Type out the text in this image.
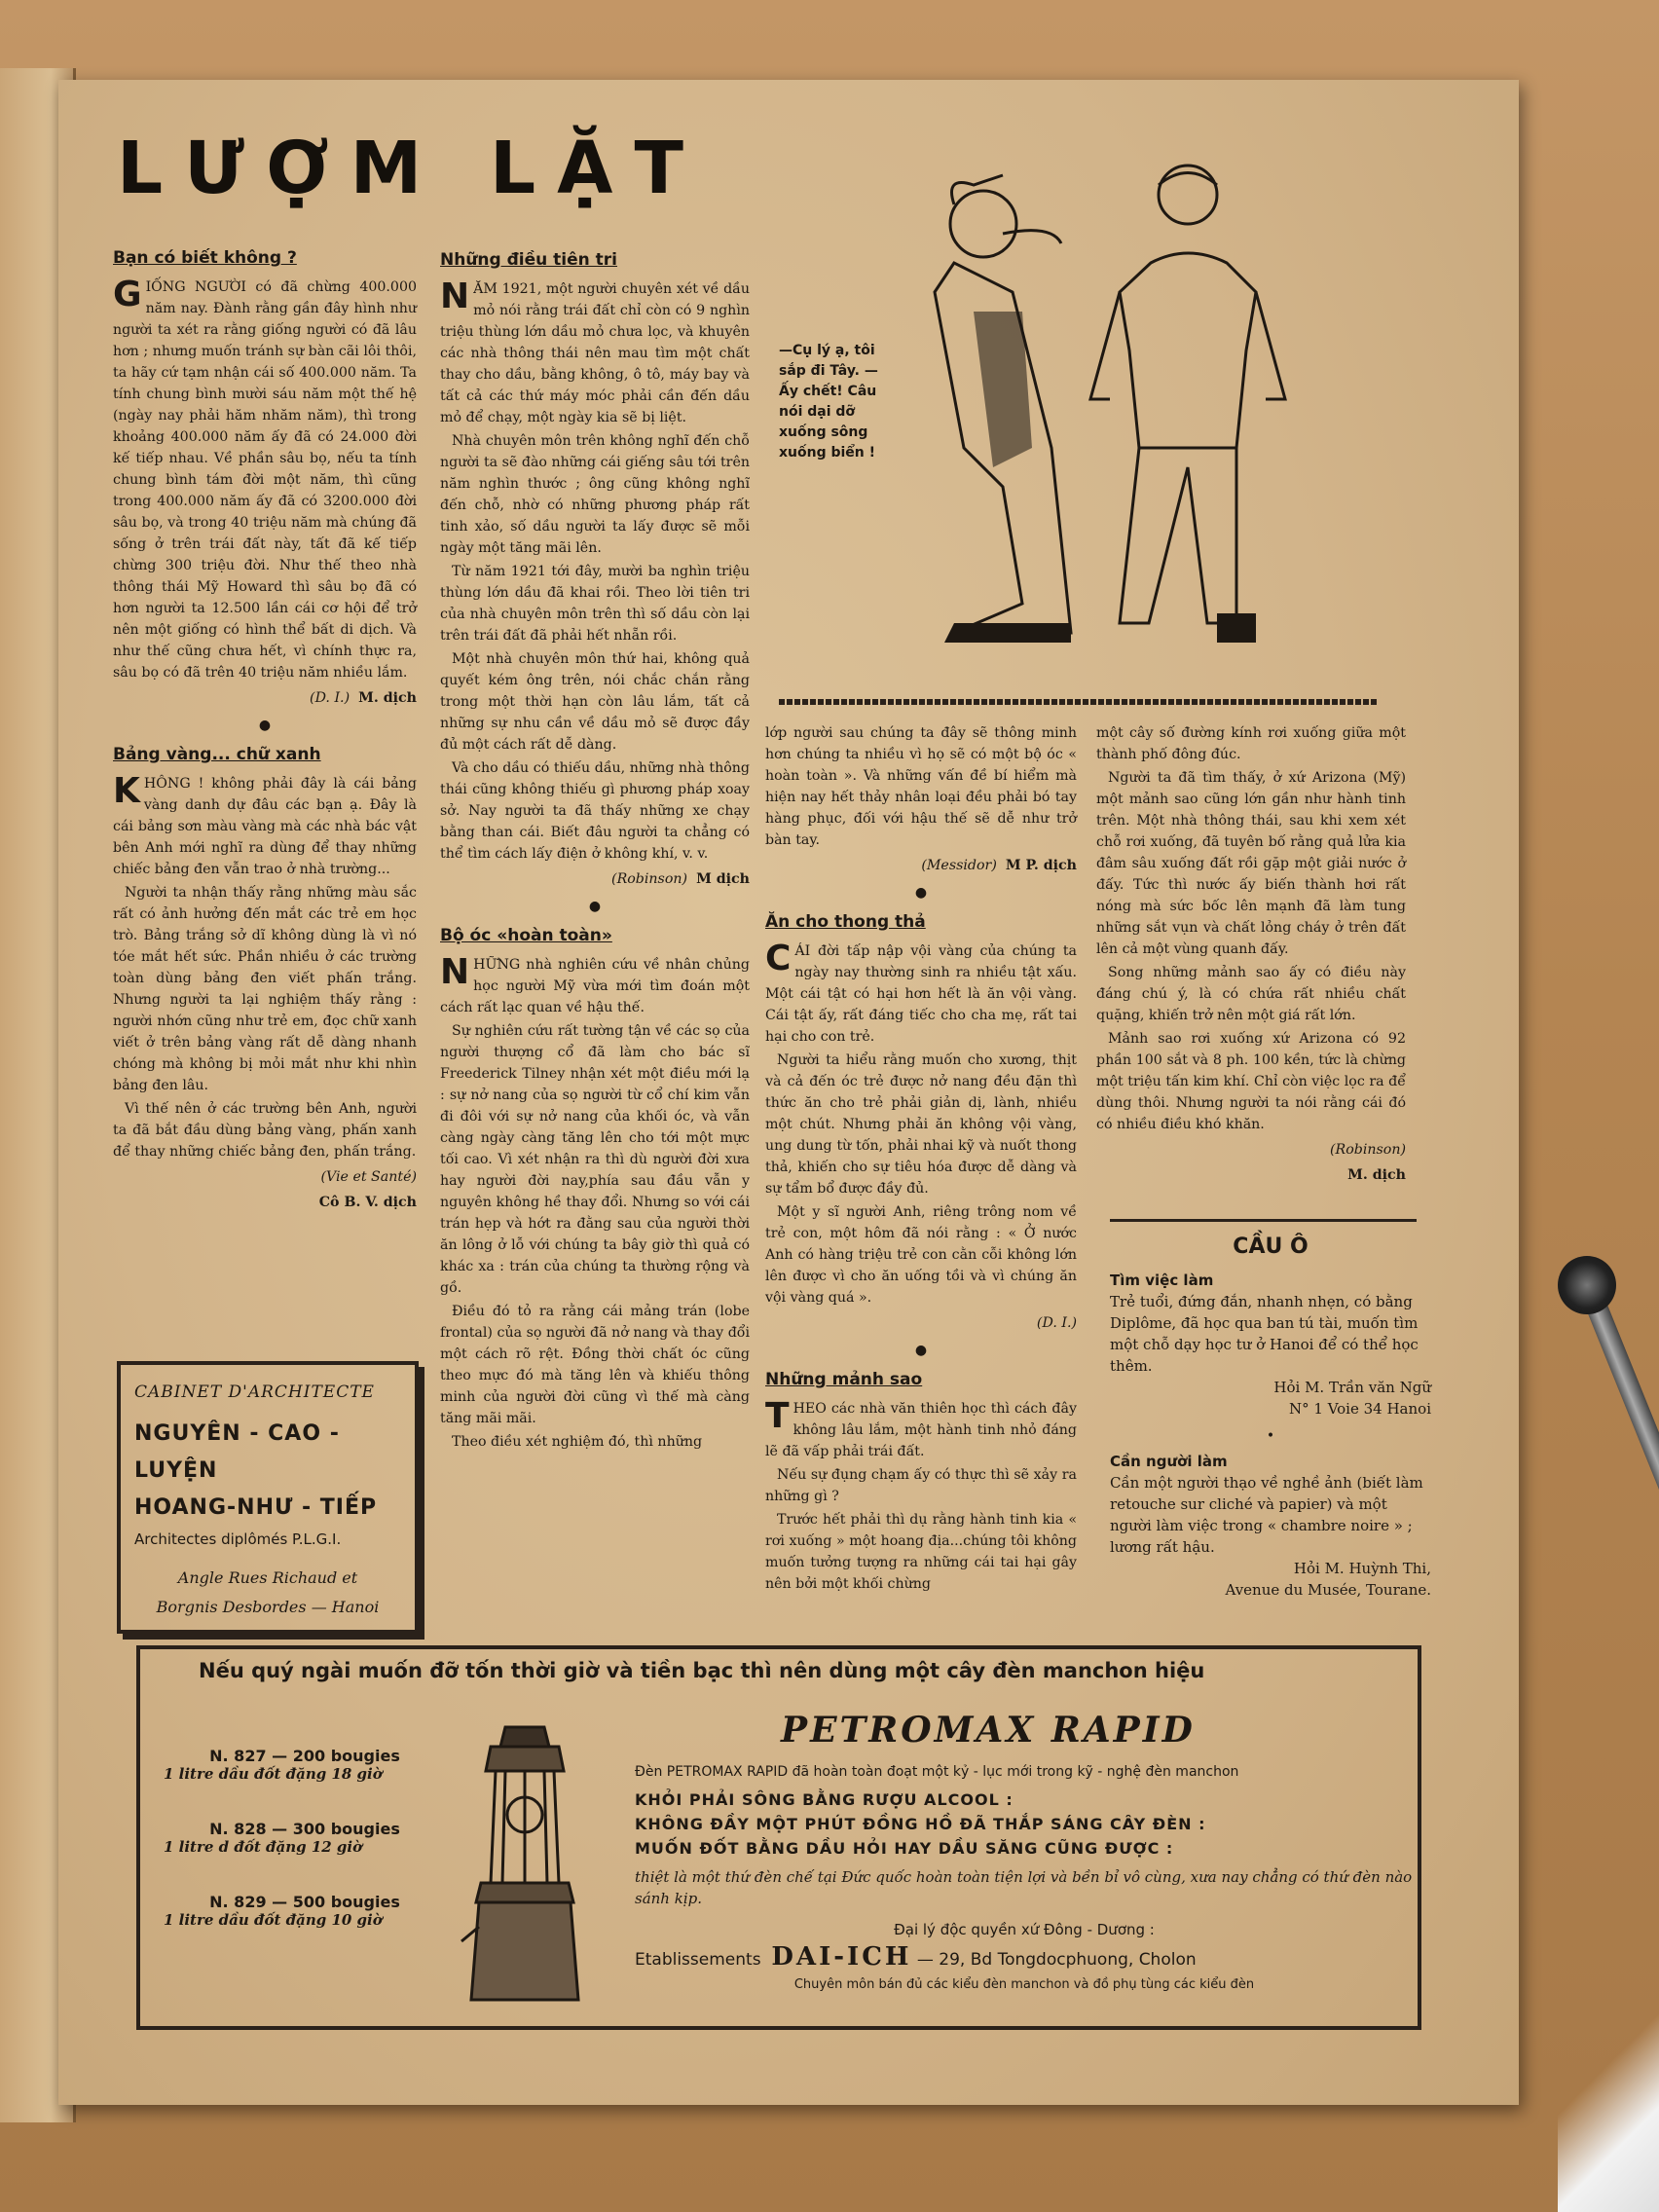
LƯỢM LẶT
Bạn có biết không ?

GIỐNG NGƯỜI có đã chừng 400.000 năm nay. Đành rằng gần đây hình như người ta xét ra rằng giống người có đã lâu hơn ; nhưng muốn tránh sự bàn cãi lôi thôi, ta hãy cứ tạm nhận cái số 400.000 năm. Ta tính chung bình mười sáu năm một thế hệ (ngày nay phải hăm nhăm năm), thì trong khoảng 400.000 năm ấy đã có 24.000 đời kế tiếp nhau. Về phần sâu bọ, nếu ta tính chung bình tám đời một năm, thì cũng trong 400.000 năm ấy đã có 3200.000 đời sâu bọ, và trong 40 triệu năm mà chúng đã sống ở trên trái đất này, tất đã kế tiếp chừng 300 triệu đời. Như thế theo nhà thông thái Mỹ Howard thì sâu bọ đã có hơn người ta 12.500 lần cái cơ hội để trở nên một giống có hình thể bất di dịch. Và như thế cũng chưa hết, vì chính thực ra, sâu bọ có đã trên 40 triệu năm nhiều lắm.

(D. I.) M. dịch
●
Bảng vàng... chữ xanh

KHÔNG ! không phải đây là cái bảng vàng danh dự đâu các bạn ạ. Đây là cái bảng sơn màu vàng mà các nhà bác vật bên Anh mới nghĩ ra dùng để thay những chiếc bảng đen vẫn trao ở nhà trường...

Người ta nhận thấy rằng những màu sắc rất có ảnh hưởng đến mắt các trẻ em học trò. Bảng trắng sở dĩ không dùng là vì nó tóe mắt hết sức. Phần nhiều ở các trường toàn dùng bảng đen viết phấn trắng. Nhưng người ta lại nghiệm thấy rằng : người nhớn cũng như trẻ em, đọc chữ xanh viết ở trên bảng vàng rất dễ dàng nhanh chóng mà không bị mỏi mắt như khi nhìn bảng đen lâu.

Vì thế nên ở các trường bên Anh, người ta đã bắt đầu dùng bảng vàng, phấn xanh để thay những chiếc bảng đen, phấn trắng.

(Vie et Santé)
Cô B. V. dịch
CABINET D'ARCHITECTE
NGUYÊN - CAO - LUYỆN
HOANG-NHƯ - TIẾP
Architectes diplômés P.L.G.I.
Angle Rues Richaud et
Borgnis Desbordes — Hanoi
Những điều tiên tri

NĂM 1921, một người chuyên xét về dầu mỏ nói rằng trái đất chỉ còn có 9 nghìn triệu thùng lớn dầu mỏ chưa lọc, và khuyên các nhà thông thái nên mau tìm một chất thay cho dầu, bằng không, ô tô, máy bay và tất cả các thứ máy móc phải cần đến dầu mỏ để chạy, một ngày kia sẽ bị liệt.

Nhà chuyên môn trên không nghĩ đến chỗ người ta sẽ đào những cái giếng sâu tới trên năm nghìn thước ; ông cũng không nghĩ đến chỗ, nhờ có những phương pháp rất tinh xảo, số dầu người ta lấy được sẽ mỗi ngày một tăng mãi lên.

Từ năm 1921 tới đây, mười ba nghìn triệu thùng lớn dầu đã khai rồi. Theo lời tiên tri của nhà chuyên môn trên thì số dầu còn lại trên trái đất đã phải hết nhẵn rồi.

Một nhà chuyên môn thứ hai, không quả quyết kém ông trên, nói chắc chắn rằng trong một thời hạn còn lâu lắm, tất cả những sự nhu cần về dầu mỏ sẽ được đầy đủ một cách rất dễ dàng.

Và cho dầu có thiếu dầu, những nhà thông thái cũng không thiếu gì phương pháp xoay sở. Nay người ta đã thấy những xe chạy bằng than cái. Biết đâu người ta chẳng có thể tìm cách lấy điện ở không khí, v. v.

(Robinson) M dịch
●
Bộ óc «hoàn toàn»

NHỮNG nhà nghiên cứu về nhân chủng học người Mỹ vừa mới tìm đoán một cách rất lạc quan về hậu thế.

Sự nghiên cứu rất tường tận về các sọ của người thượng cổ đã làm cho bác sĩ Freederick Tilney nhận xét một điều mới lạ : sự nở nang của sọ người từ cổ chí kim vẫn đi đôi với sự nở nang của khối óc, và vẫn càng ngày càng tăng lên cho tới một mực tối cao. Vì xét nhận ra thì dù người đời xưa hay người đời nay,phía sau đầu vẫn y nguyên không hề thay đổi. Nhưng so với cái trán hẹp và hớt ra đằng sau của người thời ăn lông ở lỗ với chúng ta bây giờ thì quả có khác xa : trán của chúng ta thường rộng và gồ.

Điều đó tỏ ra rằng cái mảng trán (lobe frontal) của sọ người đã nở nang và thay đổi một cách rõ rệt. Đồng thời chất óc cũng theo mực đó mà tăng lên và khiếu thông minh của người đời cũng vì thế mà càng tăng mãi mãi.

Theo điều xét nghiệm đó, thì những

—Cụ lý ạ, tôi sắp đi Tây. —Ấy chết! Câu nói dại dỡ xuống sông xuống biển !

lớp người sau chúng ta đây sẽ thông minh hơn chúng ta nhiều vì họ sẽ có một bộ óc « hoàn toàn ». Và những vấn đề bí hiểm mà hiện nay hết thảy nhân loại đều phải bó tay hàng phục, đối với hậu thế sẽ dễ như trở bàn tay.

(Messidor) M P. dịch
●
Ăn cho thong thả

CÁI đời tấp nập vội vàng của chúng ta ngày nay thường sinh ra nhiều tật xấu. Một cái tật có hại hơn hết là ăn vội vàng. Cái tật ấy, rất đáng tiếc cho cha mẹ, rất tai hại cho con trẻ.

Người ta hiểu rằng muốn cho xương, thịt và cả đến óc trẻ được nở nang đều đặn thì thức ăn cho trẻ phải giản dị, lành, nhiều một chút. Nhưng phải ăn không vội vàng, ung dung từ tốn, phải nhai kỹ và nuốt thong thả, khiến cho sự tiêu hóa được dễ dàng và sự tẩm bổ được đầy đủ.

Một y sĩ người Anh, riêng trông nom về trẻ con, một hôm đã nói rằng : « Ở nước Anh có hàng triệu trẻ con cằn cỗi không lớn lên được vì cho ăn uống tồi và vì chúng ăn vội vàng quá ».

(D. I.)
●
Những mảnh sao

THEO các nhà văn thiên học thì cách đây không lâu lắm, một hành tinh nhỏ đáng lẽ đã vấp phải trái đất.

Nếu sự đụng chạm ấy có thực thì sẽ xảy ra những gì ?

Trước hết phải thì dụ rằng hành tinh kia « rơi xuống » một hoang địa...chúng tôi không muốn tưởng tượng ra những cái tai hại gây nên bởi một khối chừng

một cây số đường kính rơi xuống giữa một thành phố đông đúc.

Người ta đã tìm thấy, ở xứ Arizona (Mỹ) một mảnh sao cũng lớn gần như hành tinh trên. Một nhà thông thái, sau khi xem xét chỗ rơi xuống, đã tuyên bố rằng quả lửa kia đâm sâu xuống đất rồi gặp một giải nước ở đấy. Tức thì nước ấy biến thành hơi rất nóng mà sức bốc lên mạnh đã làm tung những sắt vụn và chất lỏng cháy ở trên đất lên cả một vùng quanh đấy.

Song những mảnh sao ấy có điều này đáng chú ý, là có chứa rất nhiều chất quặng, khiến trở nên một giá rất lớn.

Mảnh sao rơi xuống xứ Arizona có 92 phần 100 sắt và 8 ph. 100 kền, tức là chừng một triệu tấn kim khí. Chỉ còn việc lọc ra để dùng thôi. Nhưng người ta nói rằng cái đó có nhiều điều khó khăn.

(Robinson)
M. dịch
CẦU Ô
Tìm việc làm

Trẻ tuổi, đứng đắn, nhanh nhẹn, có bằng Diplôme, đã học qua ban tú tài, muốn tìm một chỗ dạy học tư ở Hanoi để có thể học thêm.

Hỏi M. Trần văn Ngữ
N° 1 Voie 34 Hanoi
•
Cần người làm

Cần một người thạo về nghề ảnh (biết làm retouche sur cliché và papier) và một người làm việc trong « chambre noire » ; lương rất hậu.

Hỏi M. Huỳnh Thi,
Avenue du Musée, Tourane.
Nếu quý ngài muốn đỡ tốn thời giờ và tiền bạc thì nên dùng một cây đèn manchon hiệu
N. 827 — 200 bougies
1 litre dầu đốt đặng 18 giờ
N. 828 — 300 bougies
1 litre d đốt đặng 12 giờ
N. 829 — 500 bougies
1 litre dầu đốt đặng 10 giờ
PETROMAX RAPID
Đèn PETROMAX RAPID đã hoàn toàn đoạt một kỷ - lục mới trong kỹ - nghệ đèn manchon
KHỎI PHẢI SÔNG BẰNG RƯỢU ALCOOL :
KHÔNG ĐẦY MỘT PHÚT ĐỒNG HỒ ĐÃ THẮP SÁNG CÂY ĐÈN :
MUỐN ĐỐT BẰNG DẦU HỎI HAY DẦU SĂNG CŨNG ĐƯỢC :
thiệt là một thứ đèn chế tại Đức quốc hoàn toàn tiện lợi và bền bỉ vô cùng, xưa nay chẳng có thứ đèn nào sánh kịp.
Đại lý độc quyền xứ Đông - Dương :
Etablissements DAI-ICH — 29, Bd Tongdocphuong, Cholon
Chuyên môn bán đủ các kiểu đèn manchon và đồ phụ tùng các kiểu đèn
